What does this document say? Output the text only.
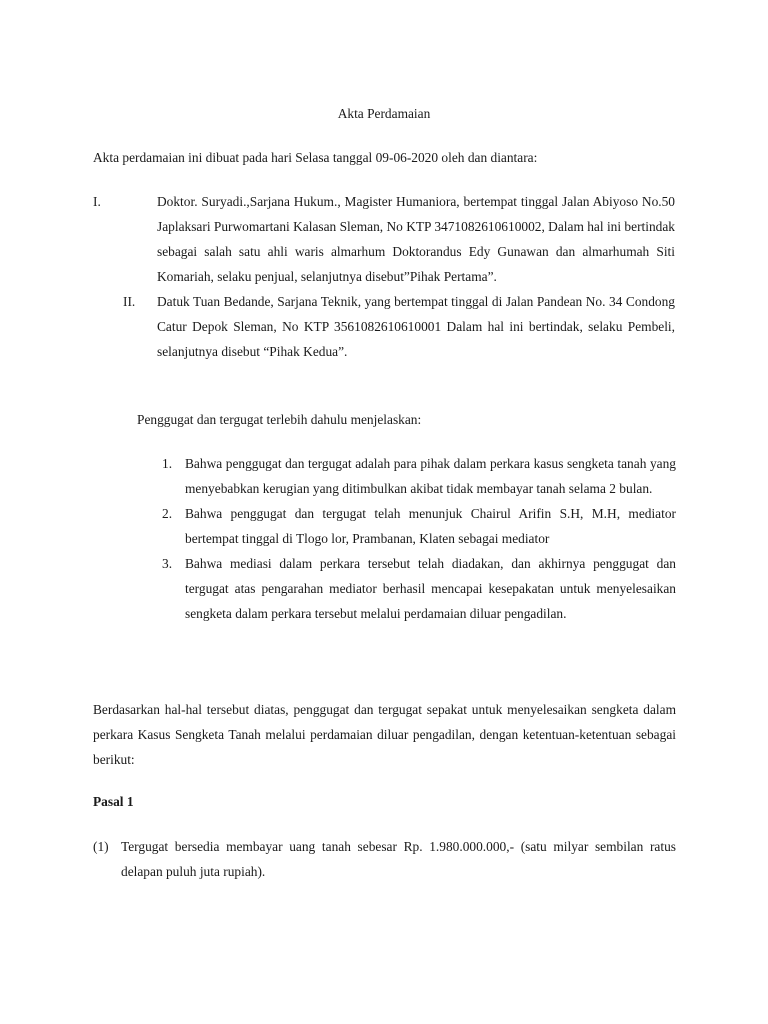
Akta Perdamaian

Akta perdamaian ini dibuat pada hari Selasa tanggal 09-06-2020 oleh dan diantara:

I.	Doktor. Suryadi.,Sarjana Hukum., Magister Humaniora, bertempat tinggal Jalan Abiyoso No.50 Japlaksari Purwomartani Kalasan Sleman, No KTP 3471082610610002, Dalam hal ini bertindak sebagai salah satu ahli waris almarhum Doktorandus Edy Gunawan dan almarhumah Siti Komariah, selaku penjual, selanjutnya disebut”Pihak Pertama”.
II.	Datuk Tuan Bedande, Sarjana Teknik, yang bertempat tinggal di Jalan Pandean No. 34 Condong Catur Depok Sleman, No KTP 3561082610610001 Dalam hal ini bertindak, selaku Pembeli, selanjutnya disebut “Pihak Kedua”.

Penggugat dan tergugat terlebih dahulu menjelaskan:

1. Bahwa penggugat dan tergugat adalah para pihak dalam perkara kasus sengketa tanah yang menyebabkan kerugian yang ditimbulkan akibat tidak membayar tanah selama 2 bulan.
2. Bahwa penggugat dan tergugat telah menunjuk Chairul Arifin S.H, M.H, mediator bertempat tinggal di Tlogo lor, Prambanan, Klaten sebagai mediator
3. Bahwa mediasi dalam perkara tersebut telah diadakan, dan akhirnya penggugat dan tergugat atas pengarahan mediator berhasil mencapai kesepakatan untuk menyelesaikan sengketa dalam perkara tersebut melalui perdamaian diluar pengadilan.

Berdasarkan hal-hal tersebut diatas, penggugat dan tergugat sepakat untuk menyelesaikan sengketa dalam perkara Kasus Sengketa Tanah melalui perdamaian diluar pengadilan, dengan ketentuan-ketentuan sebagai berikut:

Pasal 1
(1) Tergugat bersedia membayar uang tanah sebesar Rp. 1.980.000.000,- (satu milyar sembilan ratus delapan puluh juta rupiah).
